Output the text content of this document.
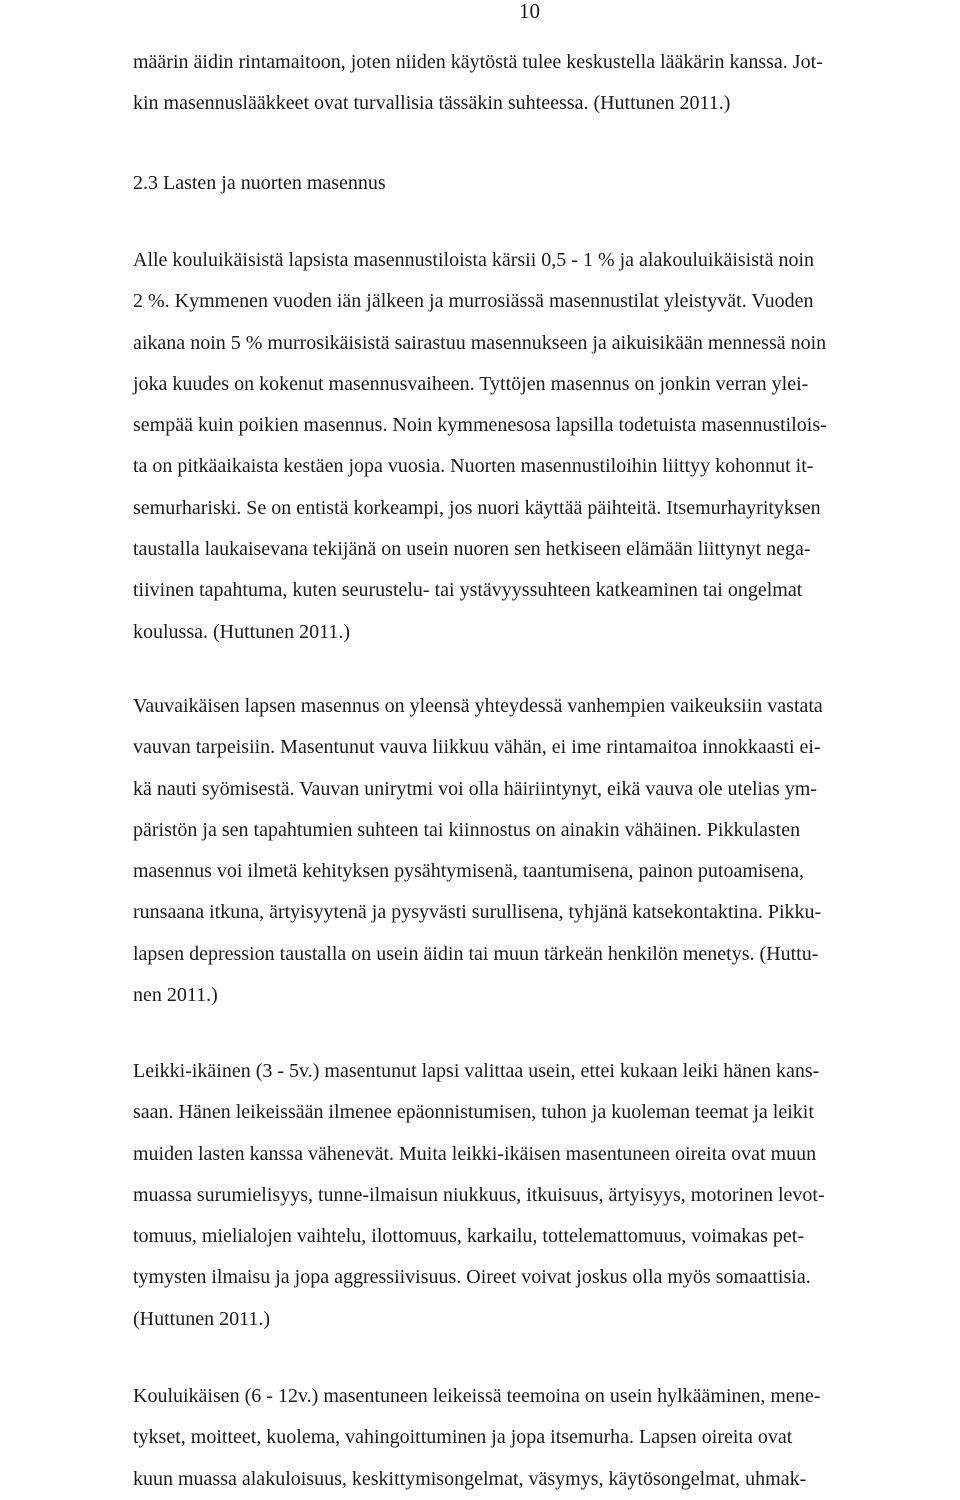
10
määrin äidin rintamaitoon, joten niiden käytöstä tulee keskustella lääkärin kanssa. Jot-
kin masennuslääkkeet ovat turvallisia tässäkin suhteessa. (Huttunen 2011.)
2.3 Lasten ja nuorten masennus
Alle kouluikäisistä lapsista masennustiloista kärsii 0,5 - 1 % ja alakouluikäisistä noin
2 %. Kymmenen vuoden iän jälkeen ja murrosiässä masennustilat yleistyvät. Vuoden
aikana noin 5 % murrosikäisistä sairastuu masennukseen ja aikuisikään mennessä noin
joka kuudes on kokenut masennusvaiheen. Tyttöjen masennus on jonkin verran ylei-
sempää kuin poikien masennus. Noin kymmenesosa lapsilla todetuista masennustilois-
ta on pitkäaikaista kestäen jopa vuosia. Nuorten masennustiloihin liittyy kohonnut it-
semurhariski. Se on entistä korkeampi, jos nuori käyttää päihteitä. Itsemurhayrityksen
taustalla laukaisevana tekijänä on usein nuoren sen hetkiseen elämään liittynyt nega-
tiivinen tapahtuma, kuten seurustelu- tai ystävyyssuhteen katkeaminen tai ongelmat
koulussa. (Huttunen 2011.)
Vauvaikäisen lapsen masennus on yleensä yhteydessä vanhempien vaikeuksiin vastata
vauvan tarpeisiin. Masentunut vauva liikkuu vähän, ei ime rintamaitoa innokkaasti ei-
kä nauti syömisestä. Vauvan unirytmi voi olla häiriintynyt, eikä vauva ole utelias ym-
päristön ja sen tapahtumien suhteen tai kiinnostus on ainakin vähäinen. Pikkulasten
masennus voi ilmetä kehityksen pysähtymisenä, taantumisena, painon putoamisena,
runsaana itkuna, ärtyisyytenä ja pysyvästi surullisena, tyhjänä katsekontaktina. Pikku-
lapsen depression taustalla on usein äidin tai muun tärkeän henkilön menetys. (Huttu-
nen 2011.)
Leikki-ikäinen (3 - 5v.) masentunut lapsi valittaa usein, ettei kukaan leiki hänen kans-
saan. Hänen leikeissään ilmenee epäonnistumisen, tuhon ja kuoleman teemat ja leikit
muiden lasten kanssa vähenevät. Muita leikki-ikäisen masentuneen oireita ovat muun
muassa surumielisyys, tunne-ilmaisun niukkuus, itkuisuus, ärtyisyys, motorinen levot-
tomuus, mielialojen vaihtelu, ilottomuus, karkailu, tottelemattomuus, voimakas pet-
tymysten ilmaisu ja jopa aggressiivisuus. Oireet voivat joskus olla myös somaattisia.
(Huttunen 2011.)
Kouluikäisen (6 - 12v.) masentuneen leikeissä teemoina on usein hylkääminen, mene-
tykset, moitteet, kuolema, vahingoittuminen ja jopa itsemurha. Lapsen oireita ovat
kuun muassa alakuloisuus, keskittymisongelmat, väsymys, käytösongelmat, uhmak-
